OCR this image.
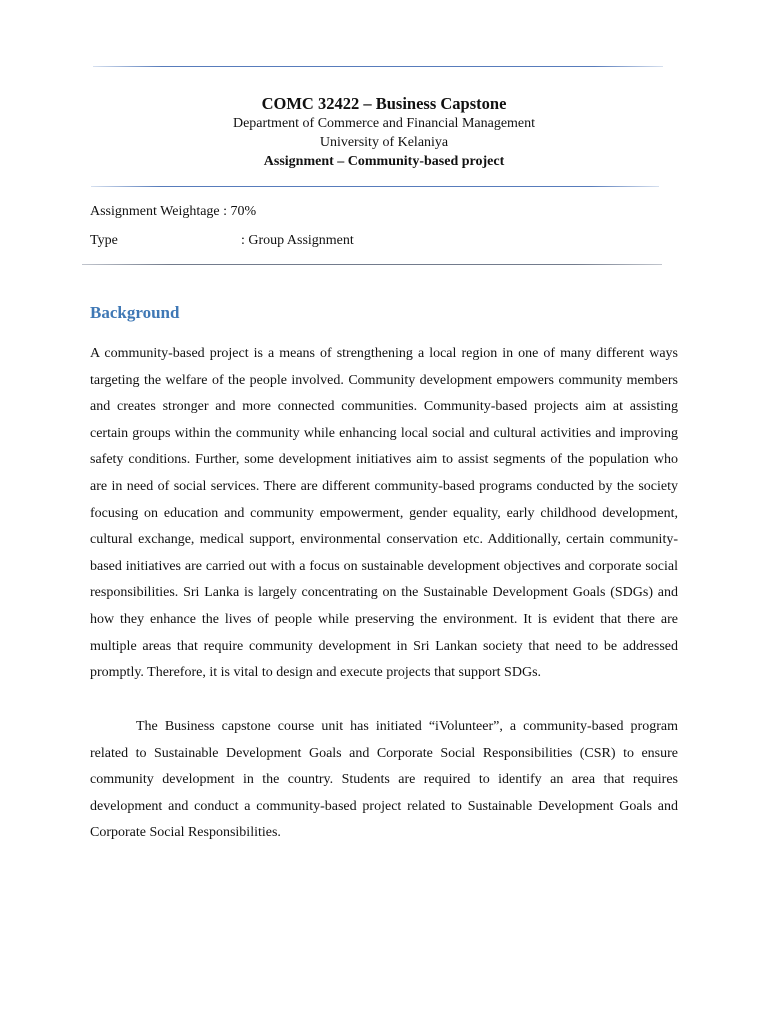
COMC 32422 – Business Capstone
Department of Commerce and Financial Management
University of Kelaniya
Assignment – Community-based project
Assignment Weightage : 70%
Type	: Group Assignment
Background
A community-based project is a means of strengthening a local region in one of many different ways targeting the welfare of the people involved. Community development empowers community members and creates stronger and more connected communities. Community-based projects aim at assisting certain groups within the community while enhancing local social and cultural activities and improving safety conditions. Further, some development initiatives aim to assist segments of the population who are in need of social services. There are different community-based programs conducted by the society focusing on education and community empowerment, gender equality, early childhood development, cultural exchange, medical support, environmental conservation etc. Additionally, certain community-based initiatives are carried out with a focus on sustainable development objectives and corporate social responsibilities. Sri Lanka is largely concentrating on the Sustainable Development Goals (SDGs) and how they enhance the lives of people while preserving the environment. It is evident that there are multiple areas that require community development in Sri Lankan society that need to be addressed promptly. Therefore, it is vital to design and execute projects that support SDGs.
The Business capstone course unit has initiated “iVolunteer”, a community-based program related to Sustainable Development Goals and Corporate Social Responsibilities (CSR) to ensure community development in the country. Students are required to identify an area that requires development and conduct a community-based project related to Sustainable Development Goals and Corporate Social Responsibilities.
